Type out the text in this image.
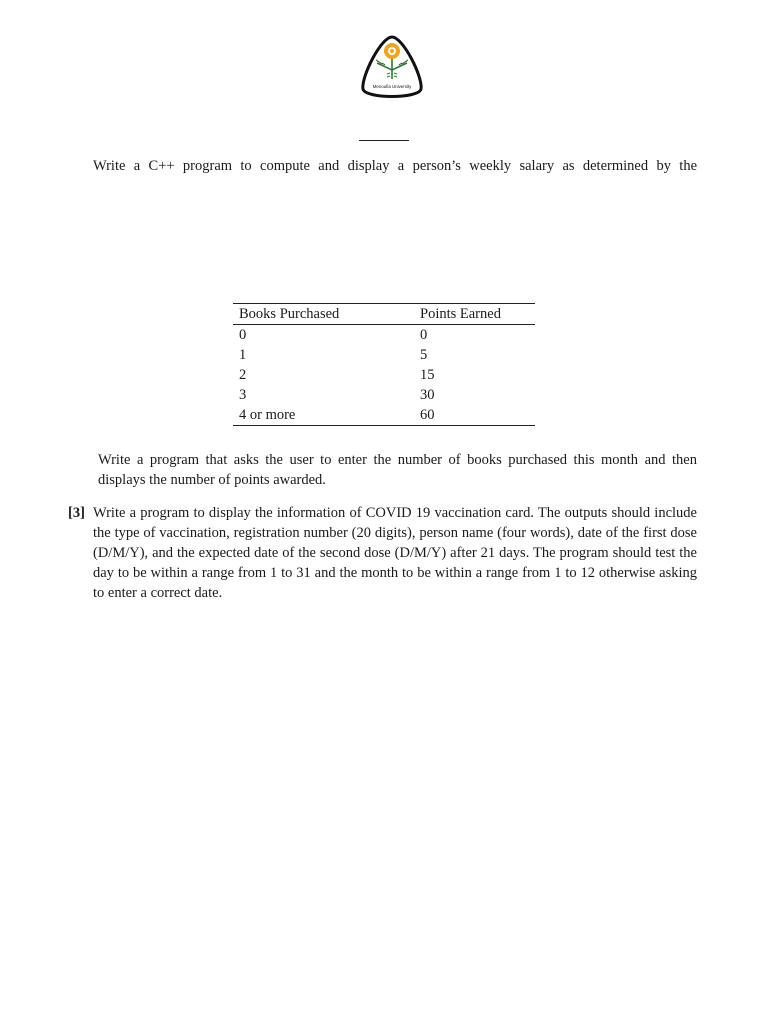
Menoufia University
Write a C++ program to compute and display a person’s weekly salary as determined by the
Books Purchased	Points Earned
0	0
1	5
2	15
3	30
4 or more	60
Write a program that asks the user to enter the number of books purchased this month and then displays the number of points awarded.
[3] Write a program to display the information of COVID 19 vaccination card. The outputs should include the type of vaccination, registration number (20 digits), person name (four words), date of the first dose (D/M/Y), and the expected date of the second dose (D/M/Y) after 21 days. The program should test the day to be within a range from 1 to 31 and the month to be within a range from 1 to 12 otherwise asking to enter a correct date.
